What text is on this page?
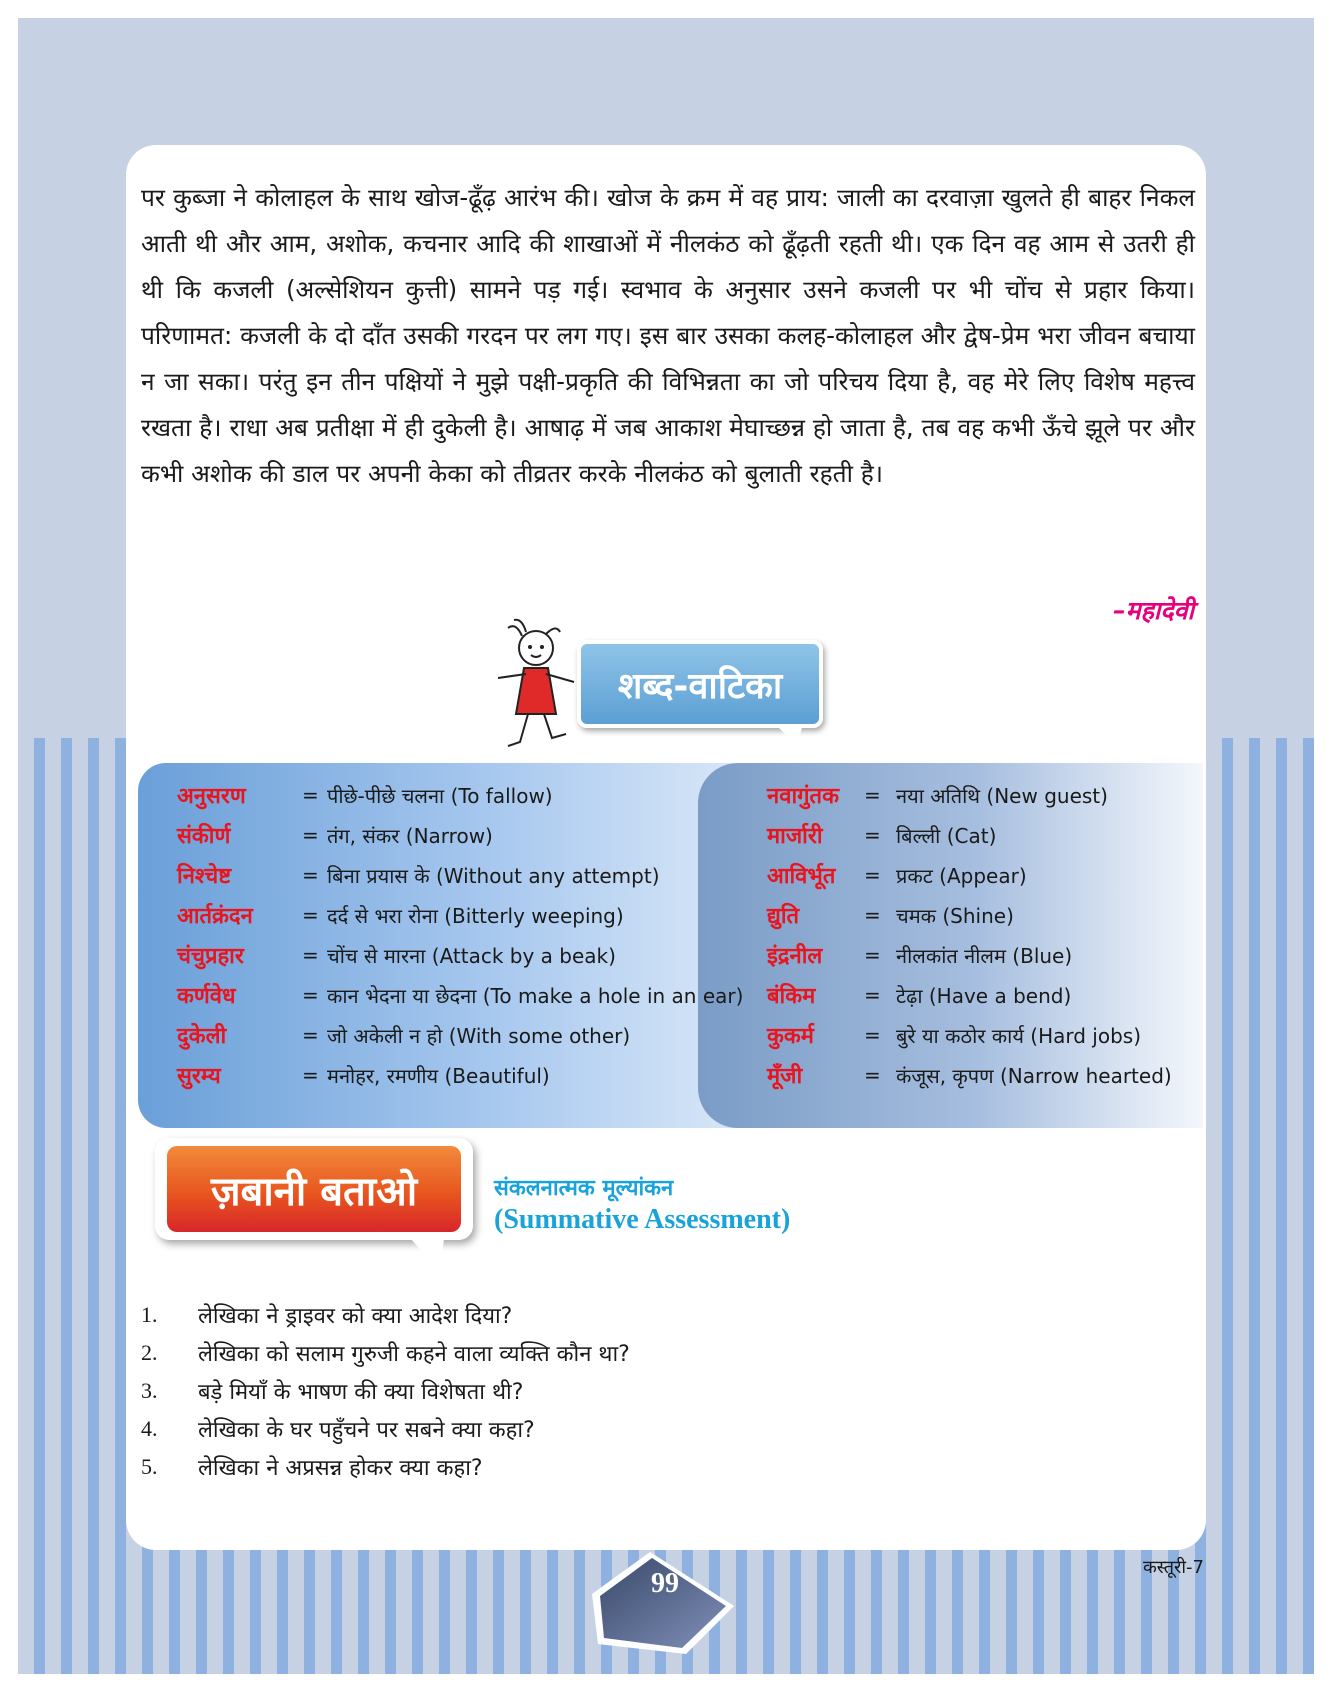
पर कुब्जा ने कोलाहल के साथ खोज-ढूँढ़ आरंभ की। खोज के क्रम में वह प्राय: जाली का दरवाज़ा खुलते ही बाहर निकल आती थी और आम, अशोक, कचनार आदि की शाखाओं में नीलकंठ को ढूँढ़ती रहती थी। एक दिन वह आम से उतरी ही थी कि कजली (अल्सेशियन कुत्ती) सामने पड़ गई। स्वभाव के अनुसार उसने कजली पर भी चोंच से प्रहार किया। परिणामत: कजली के दो दाँत उसकी गरदन पर लग गए। इस बार उसका कलह-कोलाहल और द्वेष-प्रेम भरा जीवन बचाया न जा सका। परंतु इन तीन पक्षियों ने मुझे पक्षी-प्रकृति की विभिन्नता का जो परिचय दिया है, वह मेरे लिए विशेष महत्त्व रखता है। राधा अब प्रतीक्षा में ही दुकेली है। आषाढ़ में जब आकाश मेघाच्छन्न हो जाता है, तब वह कभी ऊँचे झूले पर और कभी अशोक की डाल पर अपनी केका को तीव्रतर करके नीलकंठ को बुलाती रहती है।
–महादेवी
शब्द-वाटिका
अनुसरण	= पीछे-पीछे चलना (To fallow)
संकीर्ण	= तंग, संकर (Narrow)
निश्चेष्ट	= बिना प्रयास के (Without any attempt)
आर्तक्रंदन	= दर्द से भरा रोना (Bitterly weeping)
चंचुप्रहार	= चोंच से मारना (Attack by a beak)
कर्णवेध	= कान भेदना या छेदना (To make a hole in an ear)
दुकेली	= जो अकेली न हो (With some other)
सुरम्य	= मनोहर, रमणीय (Beautiful)
नवागुंतक	= नया अतिथि (New guest)
मार्जारी	= बिल्ली (Cat)
आविर्भूत	= प्रकट (Appear)
द्युति	= चमक (Shine)
इंद्रनील	= नीलकांत नीलम (Blue)
बंकिम	= टेढ़ा (Have a bend)
कुकर्म	= बुरे या कठोर कार्य (Hard jobs)
मूँजी	= कंजूस, कृपण (Narrow hearted)
ज़बानी बताओ	संकलनात्मक मूल्यांकन
(Summative Assessment)
1.	लेखिका ने ड्राइवर को क्या आदेश दिया?
2.	लेखिका को सलाम गुरुजी कहने वाला व्यक्ति कौन था?
3.	बड़े मियाँ के भाषण की क्या विशेषता थी?
4.	लेखिका के घर पहुँचने पर सबने क्या कहा?
5.	लेखिका ने अप्रसन्न होकर क्या कहा?
कस्तूरी-7
99
